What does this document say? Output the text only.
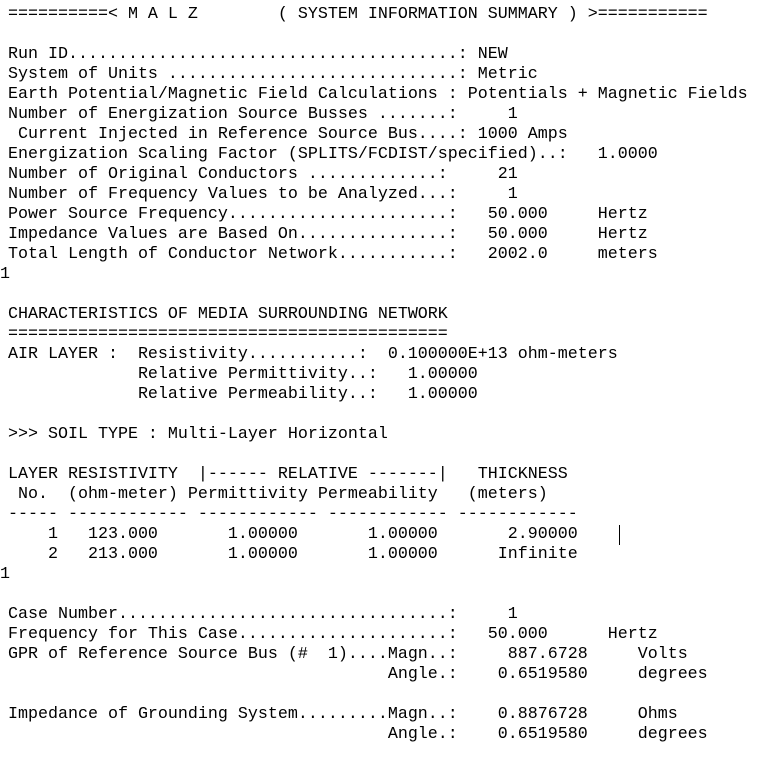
==========< M A L Z        ( SYSTEM INFORMATION SUMMARY ) >===========
Run ID.......................................: NEW
System of Units .............................: Metric
Earth Potential/Magnetic Field Calculations : Potentials + Magnetic Fields
Number of Energization Source Busses .......:     1
Current Injected in Reference Source Bus....: 1000 Amps
Energization Scaling Factor (SPLITS/FCDIST/specified)..:   1.0000
Number of Original Conductors .............:     21
Number of Frequency Values to be Analyzed...:     1
Power Source Frequency......................:   50.000     Hertz
Impedance Values are Based On...............:   50.000     Hertz
Total Length of Conductor Network...........:   2002.0     meters
1
CHARACTERISTICS OF MEDIA SURROUNDING NETWORK
============================================
AIR LAYER :  Resistivity...........:  0.100000E+13 ohm-meters
Relative Permittivity..:   1.00000
Relative Permeability..:   1.00000
>>> SOIL TYPE : Multi-Layer Horizontal
LAYER RESISTIVITY  |------ RELATIVE -------|   THICKNESS
No.  (ohm-meter) Permittivity Permeability   (meters)
----- ------------ ------------ ------------ ------------
1   123.000       1.00000       1.00000       2.90000
2   213.000       1.00000       1.00000      Infinite
1
Case Number.................................:     1
Frequency for This Case.....................:   50.000      Hertz
GPR of Reference Source Bus (#  1)....Magn..:     887.6728     Volts
Angle.:    0.6519580     degrees
Impedance of Grounding System.........Magn..:    0.8876728     Ohms
Angle.:    0.6519580     degrees
